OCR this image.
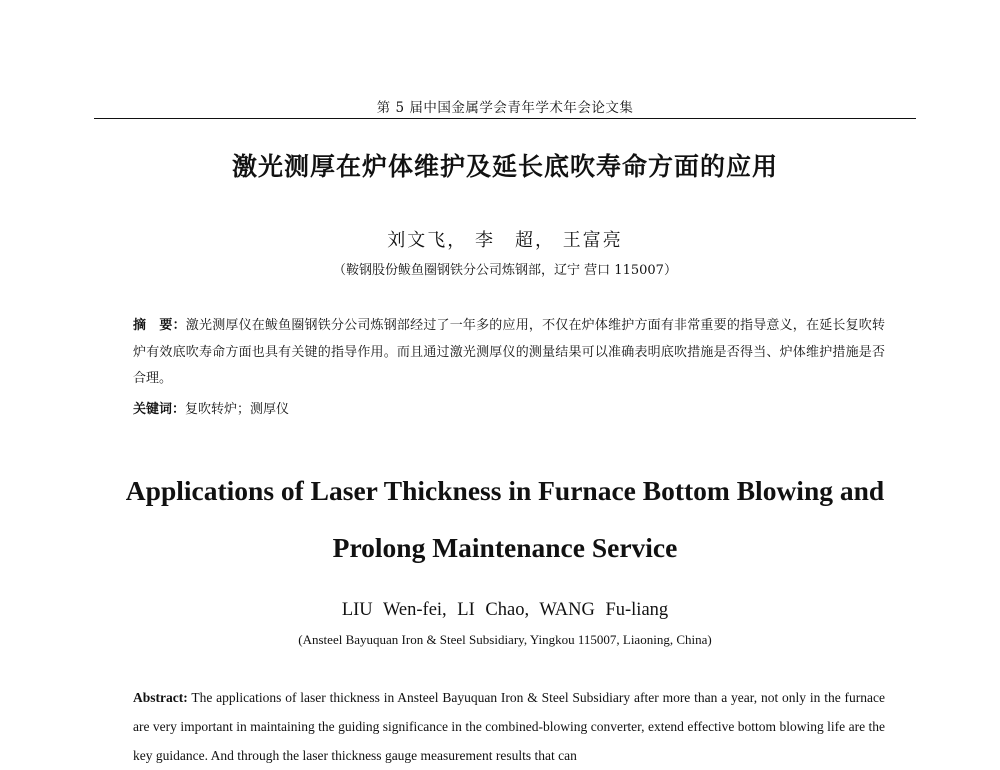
第 5 届中国金属学会青年学术年会论文集
激光测厚在炉体维护及延长底吹寿命方面的应用
刘文飞， 李　超， 王富亮
（鞍钢股份鲅鱼圈钢铁分公司炼钢部，辽宁 营口 115007）
摘　要：激光测厚仪在鲅鱼圈钢铁分公司炼钢部经过了一年多的应用，不仅在炉体维护方面有非常重要的指导意义，在延长复吹转炉有效底吹寿命方面也具有关键的指导作用。而且通过激光测厚仪的测量结果可以准确表明底吹措施是否得当、炉体维护措施是否合理。
关键词：复吹转炉；测厚仪
Applications of Laser Thickness in Furnace Bottom Blowing and
Prolong Maintenance Service
LIU Wen-fei, LI Chao, WANG Fu-liang
(Ansteel Bayuquan Iron & Steel Subsidiary, Yingkou 115007, Liaoning, China)
Abstract: The applications of laser thickness in Ansteel Bayuquan Iron & Steel Subsidiary after more than a year, not only in the furnace are very important in maintaining the guiding significance in the combined-blowing converter, extend effective bottom blowing life are the key guidance. And through the laser thickness gauge measurement results that can
